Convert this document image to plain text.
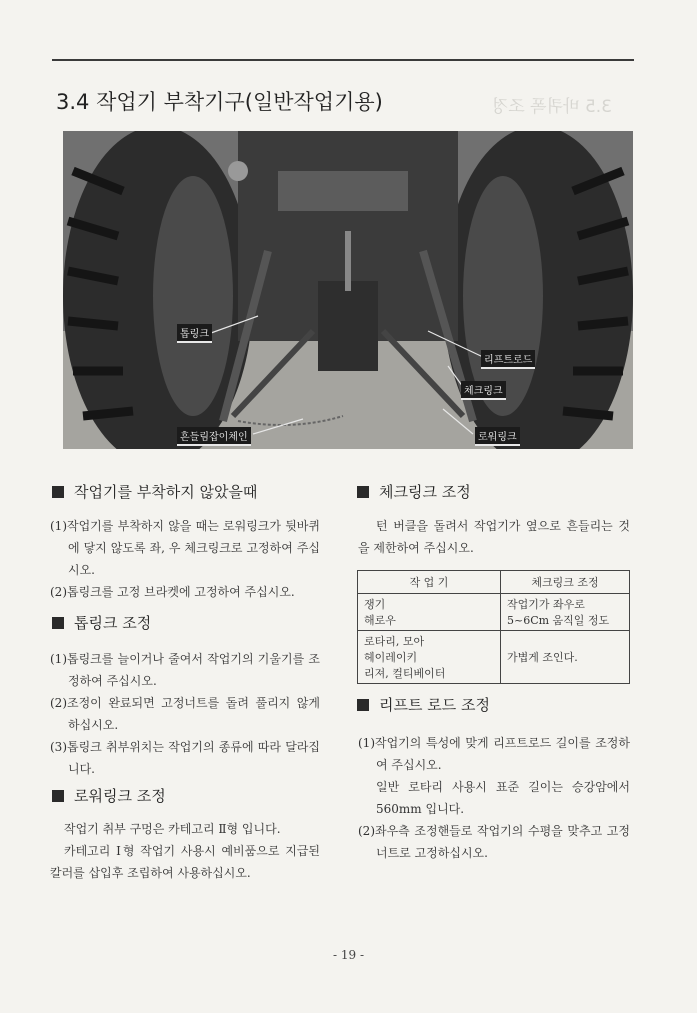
3.4 작업기 부착기구(일반작업기용)	3.5 바퀴폭 조정
톱링크
리프트로드
체크링크
로워링크
흔들림잡이체인
작업기를 부착하지 않았을때

(1)작업기를 부착하지 않을 때는 로워링크가 뒷바퀴에 닿지 않도록 좌, 우 체크링크로 고정하여 주십시오.

(2)톱링크를 고정 브라켓에 고정하여 주십시오.

톱링크 조정

(1)톱링크를 늘이거나 줄여서 작업기의 기울기를 조정하여 주십시오.

(2)조정이 완료되면 고정너트를 돌려 풀리지 않게 하십시오.

(3)톱링크 취부위치는 작업기의 종류에 따라 달라집니다.

로워링크 조정

작업기 취부 구멍은 카테고리 Ⅱ형 입니다.

카테고리 Ⅰ형 작업기 사용시 예비품으로 지급된 칼러를 삽입후 조립하여 사용하십시오.

체크링크 조정
턴 버클을 돌려서 작업기가 옆으로 흔들리는 것을 제한하여 주십시오.
작 업 기	체크링크 조정
쟁기
해로우	작업기가 좌우로
5~6Cm 움직일 정도
로타리, 모아
헤이레이키
리져, 컬티베이터	가볍게 조인다.
리프트 로드 조정

(1)작업기의 특성에 맞게 리프트로드 길이를 조정하여 주십시오.

일반 로타리 사용시 표준 길이는 승강암에서 560mm 입니다.

(2)좌우측 조정핸들로 작업기의 수평을 맞추고 고정 너트로 고정하십시오.

- 19 -
